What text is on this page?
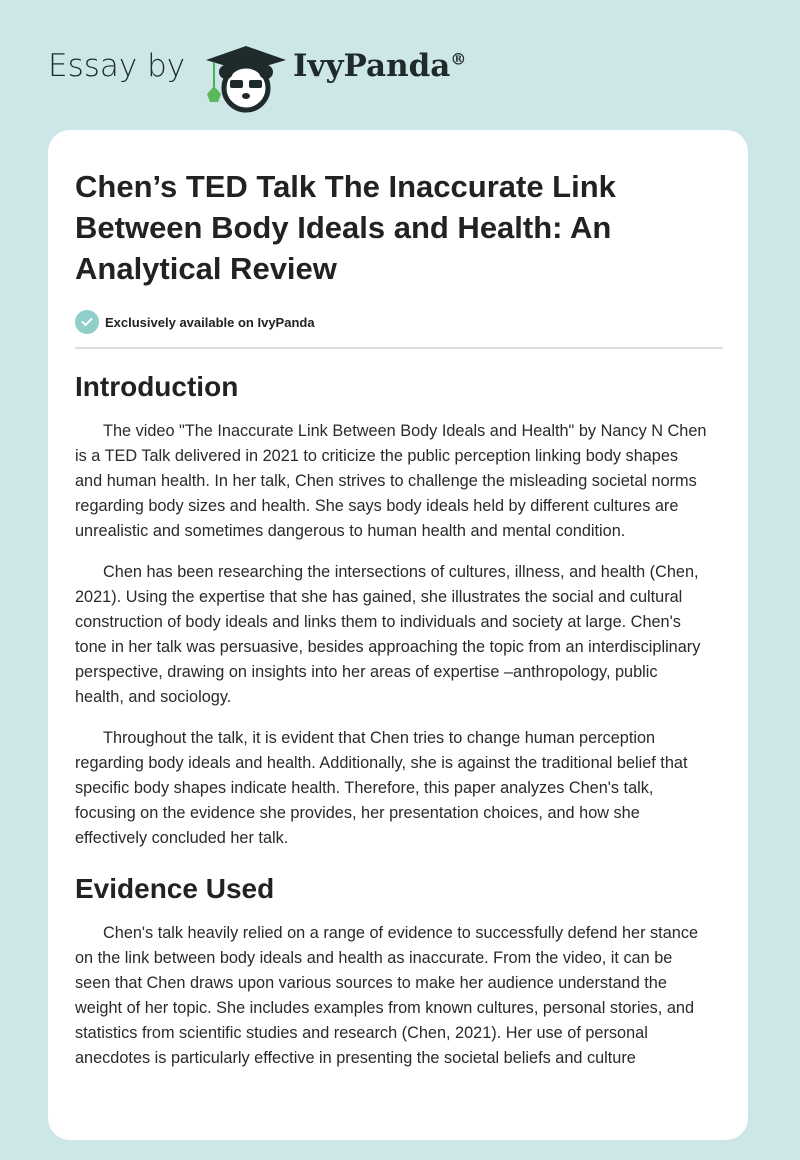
Essay by	IvyPanda®
Chen’s TED Talk The Inaccurate Link Between Body Ideals and Health: An Analytical Review
Exclusively available on IvyPanda
Introduction

The video "The Inaccurate Link Between Body Ideals and Health" by Nancy N Chen
is a TED Talk delivered in 2021 to criticize the public perception linking body shapes
and human health. In her talk, Chen strives to challenge the misleading societal norms
regarding body sizes and health. She says body ideals held by different cultures are
unrealistic and sometimes dangerous to human health and mental condition.

Chen has been researching the intersections of cultures, illness, and health (Chen,
2021). Using the expertise that she has gained, she illustrates the social and cultural
construction of body ideals and links them to individuals and society at large. Chen's
tone in her talk was persuasive, besides approaching the topic from an interdisciplinary
perspective, drawing on insights into her areas of expertise –anthropology, public
health, and sociology.

Throughout the talk, it is evident that Chen tries to change human perception
regarding body ideals and health. Additionally, she is against the traditional belief that
specific body shapes indicate health. Therefore, this paper analyzes Chen's talk,
focusing on the evidence she provides, her presentation choices, and how she
effectively concluded her talk.

Evidence Used

Chen's talk heavily relied on a range of evidence to successfully defend her stance
on the link between body ideals and health as inaccurate. From the video, it can be
seen that Chen draws upon various sources to make her audience understand the
weight of her topic. She includes examples from known cultures, personal stories, and
statistics from scientific studies and research (Chen, 2021). Her use of personal
anecdotes is particularly effective in presenting the societal beliefs and culture
